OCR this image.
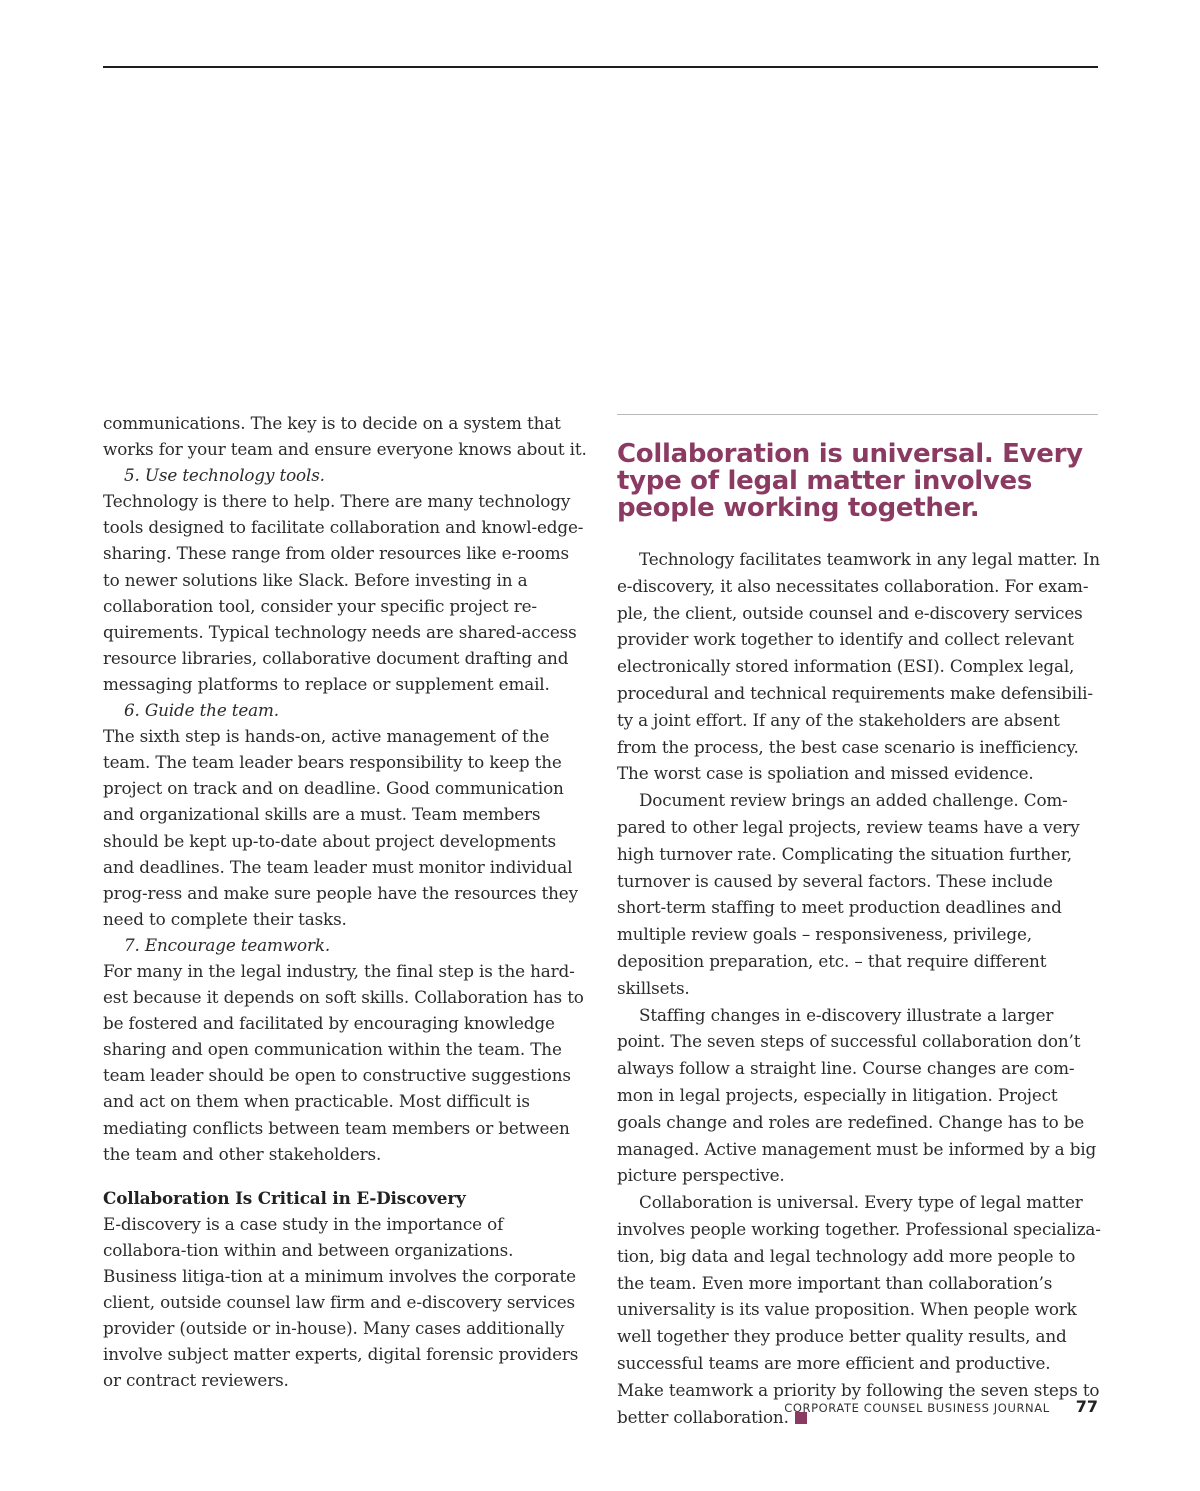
communications. The key is to decide on a system that works for your team and ensure everyone knows about it.

5. Use technology tools.

Technology is there to help. There are many technology tools designed to facilitate collaboration and knowl-edge-sharing. These range from older resources like e-rooms to newer solutions like Slack. Before investing in a collaboration tool, consider your specific project re-quirements. Typical technology needs are shared-access resource libraries, collaborative document drafting and messaging platforms to replace or supplement email.

6. Guide the team.

The sixth step is hands-on, active management of the team. The team leader bears responsibility to keep the project on track and on deadline. Good communication and organizational skills are a must. Team members should be kept up-to-date about project developments and deadlines. The team leader must monitor individual prog-ress and make sure people have the resources they need to complete their tasks.

7. Encourage teamwork.

For many in the legal industry, the final step is the hard-est because it depends on soft skills. Collaboration has to be fostered and facilitated by encouraging knowledge sharing and open communication within the team. The team leader should be open to constructive suggestions and act on them when practicable. Most difficult is mediating conflicts between team members or between the team and other stakeholders.

Collaboration Is Critical in E-Discovery

E-discovery is a case study in the importance of collabora-tion within and between organizations. Business litiga-tion at a minimum involves the corporate client, outside counsel law firm and e-discovery services provider (outside or in-house). Many cases additionally involve subject matter experts, digital forensic providers or contract reviewers.

Collaboration is universal. Every type of legal matter involves people working together.

Technology facilitates teamwork in any legal matter. In e-discovery, it also necessitates collaboration. For exam-ple, the client, outside counsel and e-discovery services provider work together to identify and collect relevant electronically stored information (ESI). Complex legal, procedural and technical requirements make defensibili-ty a joint effort. If any of the stakeholders are absent from the process, the best case scenario is inefficiency. The worst case is spoliation and missed evidence.

Document review brings an added challenge. Com-pared to other legal projects, review teams have a very high turnover rate. Complicating the situation further, turnover is caused by several factors. These include short-term staffing to meet production deadlines and multiple review goals – responsiveness, privilege, deposition preparation, etc. – that require different skillsets.

Staffing changes in e-discovery illustrate a larger point. The seven steps of successful collaboration don’t always follow a straight line. Course changes are com-mon in legal projects, especially in litigation. Project goals change and roles are redefined. Change has to be managed. Active management must be informed by a big picture perspective.

Collaboration is universal. Every type of legal matter involves people working together. Professional specializa-tion, big data and legal technology add more people to the team. Even more important than collaboration’s universality is its value proposition. When people work well together they produce better quality results, and successful teams are more efficient and productive.

Make teamwork a priority by following the seven steps to better collaboration.

CORPORATE COUNSEL BUSINESS JOURNAL 77
